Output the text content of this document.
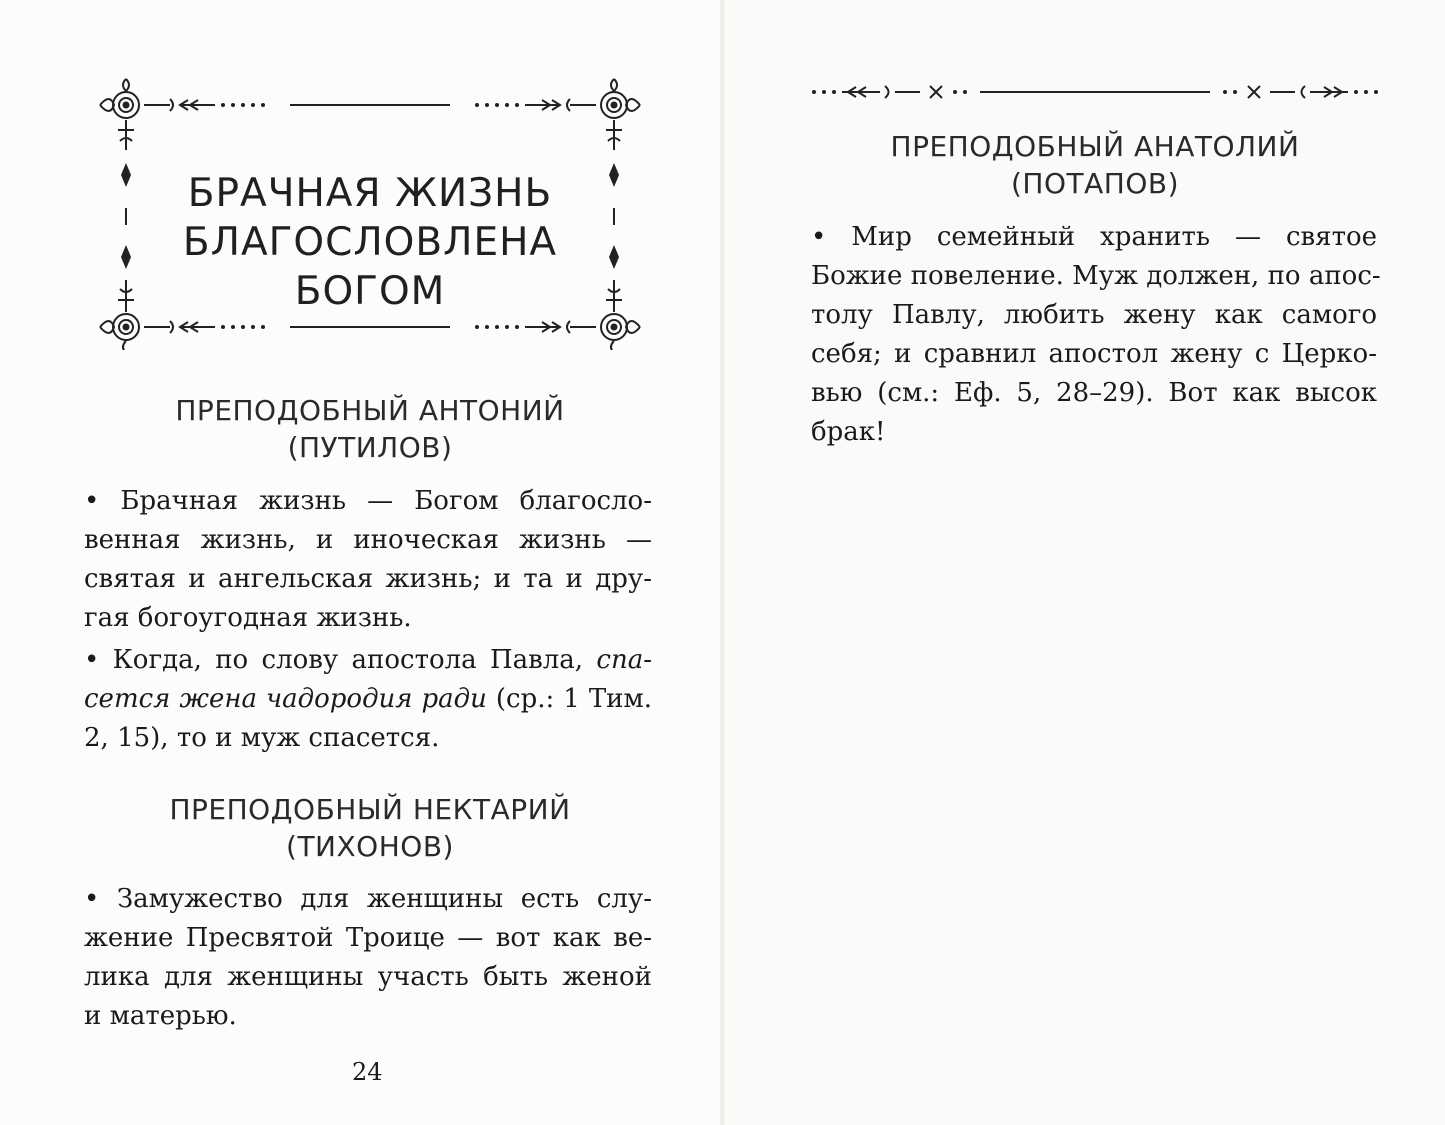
БРАЧНАЯ ЖИЗНЬ
БЛАГОСЛОВЛЕНА
БОГОМ
ПРЕПОДОБНЫЙ АНТОНИЙ
(ПУТИЛОВ)
• Брачная жизнь — Богом благосло-
венная жизнь, и иноческая жизнь —
святая и ангельская жизнь; и та и дру-
гая богоугодная жизнь.
• Когда, по слову апостола Павла, спа-
сется жена чадородия ради (ср.: 1 Тим.
2, 15), то и муж спасется.
ПРЕПОДОБНЫЙ НЕКТАРИЙ
(ТИХОНОВ)
• Замужество для женщины есть слу-
жение Пресвятой Троице — вот как ве-
лика для женщины участь быть женой
и матерью.
24
ПРЕПОДОБНЫЙ АНАТОЛИЙ
(ПОТАПОВ)
• Мир семейный хранить — святое
Божие повеление. Муж должен, по апос-
толу Павлу, любить жену как самого
себя; и сравнил апостол жену с Церко-
вью (см.: Еф. 5, 28–29). Вот как высок
брак!
